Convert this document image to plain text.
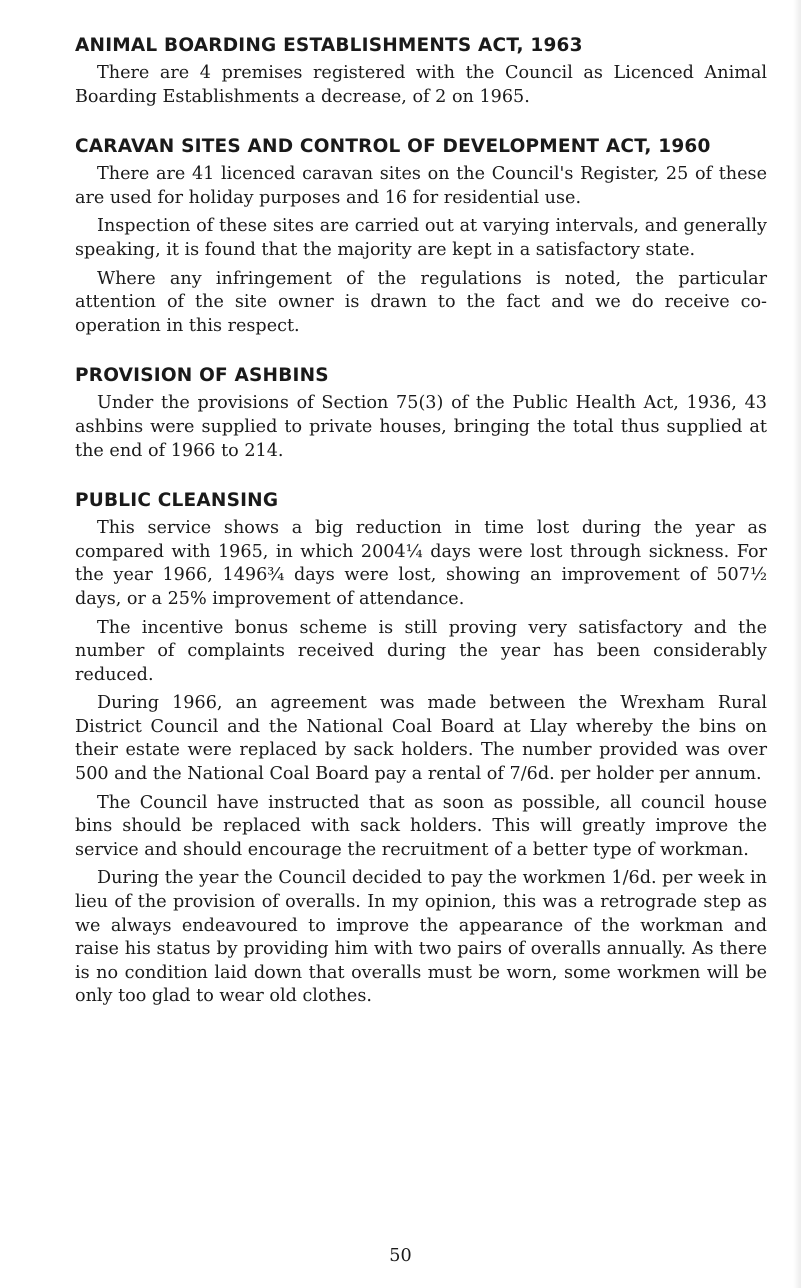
ANIMAL BOARDING ESTABLISHMENTS ACT, 1963

There are 4 premises registered with the Council as Licenced Animal Boarding Establishments a decrease, of 2 on 1965.

CARAVAN SITES AND CONTROL OF DEVELOPMENT ACT, 1960

There are 41 licenced caravan sites on the Council's Register, 25 of these are used for holiday purposes and 16 for residential use.

Inspection of these sites are carried out at varying intervals, and generally speaking, it is found that the majority are kept in a satisfactory state.

Where any infringement of the regulations is noted, the particular attention of the site owner is drawn to the fact and we do receive co-operation in this respect.

PROVISION OF ASHBINS

Under the provisions of Section 75(3) of the Public Health Act, 1936, 43 ashbins were supplied to private houses, bringing the total thus supplied at the end of 1966 to 214.

PUBLIC CLEANSING

This service shows a big reduction in time lost during the year as compared with 1965, in which 2004¼ days were lost through sickness. For the year 1966, 1496¾ days were lost, showing an improvement of 507½ days, or a 25% improvement of attendance.

The incentive bonus scheme is still proving very satisfactory and the number of complaints received during the year has been considerably reduced.

During 1966, an agreement was made between the Wrexham Rural District Council and the National Coal Board at Llay whereby the bins on their estate were replaced by sack holders. The number provided was over 500 and the National Coal Board pay a rental of 7/6d. per holder per annum.

The Council have instructed that as soon as possible, all council house bins should be replaced with sack holders. This will greatly improve the service and should encourage the recruitment of a better type of workman.

During the year the Council decided to pay the workmen 1/6d. per week in lieu of the provision of overalls. In my opinion, this was a retrograde step as we always endeavoured to improve the appearance of the workman and raise his status by providing him with two pairs of overalls annually. As there is no condition laid down that overalls must be worn, some workmen will be only too glad to wear old clothes.

50
